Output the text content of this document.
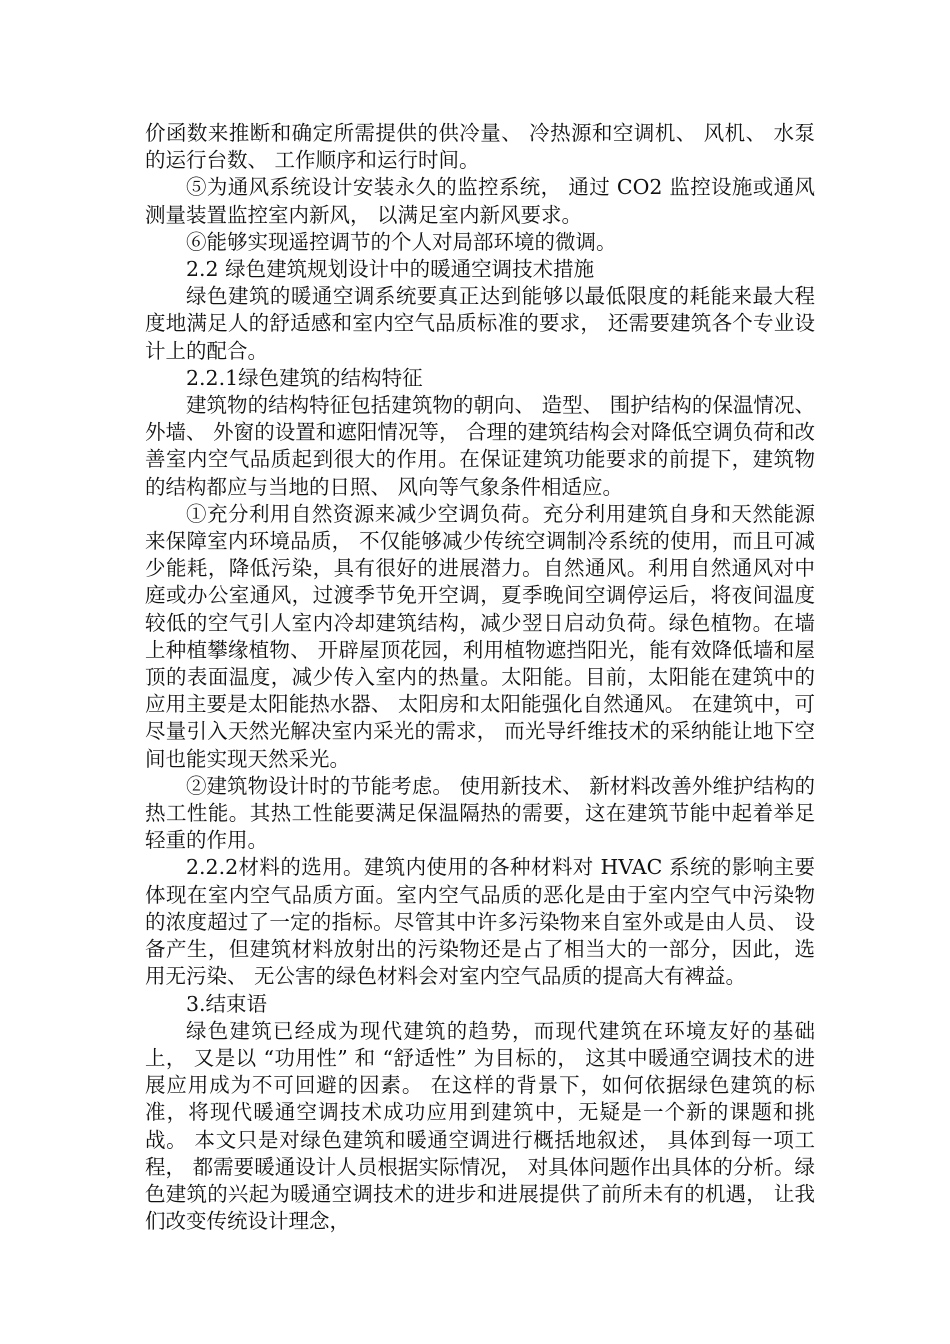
价函数来推断和确定所需提供的供冷量、 冷热源和空调机、 风机、 水泵的运行台数、 工作顺序和运行时间。

⑤为通风系统设计安装永久的监控系统， 通过 CO2 监控设施或通风测量装置监控室内新风， 以满足室内新风要求。

⑥能够实现遥控调节的个人对局部环境的微调。

2.2 绿色建筑规划设计中的暖通空调技术措施

绿色建筑的暖通空调系统要真正达到能够以最低限度的耗能来最大程度地满足人的舒适感和室内空气品质标准的要求， 还需要建筑各个专业设计上的配合。

2.2.1绿色建筑的结构特征

建筑物的结构特征包括建筑物的朝向、 造型、 围护结构的保温情况、 外墙、 外窗的设置和遮阳情况等， 合理的建筑结构会对降低空调负荷和改善室内空气品质起到很大的作用。在保证建筑功能要求的前提下，建筑物的结构都应与当地的日照、 风向等气象条件相适应。

①充分利用自然资源来减少空调负荷。充分利用建筑自身和天然能源来保障室内环境品质， 不仅能够减少传统空调制冷系统的使用，而且可减少能耗，降低污染，具有很好的进展潜力。自然通风。利用自然通风对中庭或办公室通风，过渡季节免开空调，夏季晚间空调停运后，将夜间温度较低的空气引人室内冷却建筑结构，减少翌日启动负荷。绿色植物。在墙上种植攀缘植物、 开辟屋顶花园，利用植物遮挡阳光，能有效降低墙和屋顶的表面温度，减少传入室内的热量。太阳能。目前，太阳能在建筑中的应用主要是太阳能热水器、 太阳房和太阳能强化自然通风。 在建筑中，可尽量引入天然光解决室内采光的需求， 而光导纤维技术的采纳能让地下空间也能实现天然采光。

②建筑物设计时的节能考虑。 使用新技术、 新材料改善外维护结构的热工性能。其热工性能要满足保温隔热的需要，这在建筑节能中起着举足轻重的作用。

2.2.2材料的选用。建筑内使用的各种材料对 HVAC 系统的影响主要体现在室内空气品质方面。室内空气品质的恶化是由于室内空气中污染物的浓度超过了一定的指标。尽管其中许多污染物来自室外或是由人员、 设备产生，但建筑材料放射出的污染物还是占了相当大的一部分，因此，选用无污染、 无公害的绿色材料会对室内空气品质的提高大有裨益。

3.结束语

绿色建筑已经成为现代建筑的趋势，而现代建筑在环境友好的基础上， 又是以 “功用性” 和 “舒适性” 为目标的， 这其中暖通空调技术的进展应用成为不可回避的因素。 在这样的背景下，如何依据绿色建筑的标准，将现代暖通空调技术成功应用到建筑中，无疑是一个新的课题和挑战。 本文只是对绿色建筑和暖通空调进行概括地叙述， 具体到每一项工程， 都需要暖通设计人员根据实际情况， 对具体问题作出具体的分析。绿色建筑的兴起为暖通空调技术的进步和进展提供了前所未有的机遇， 让我们改变传统设计理念，
